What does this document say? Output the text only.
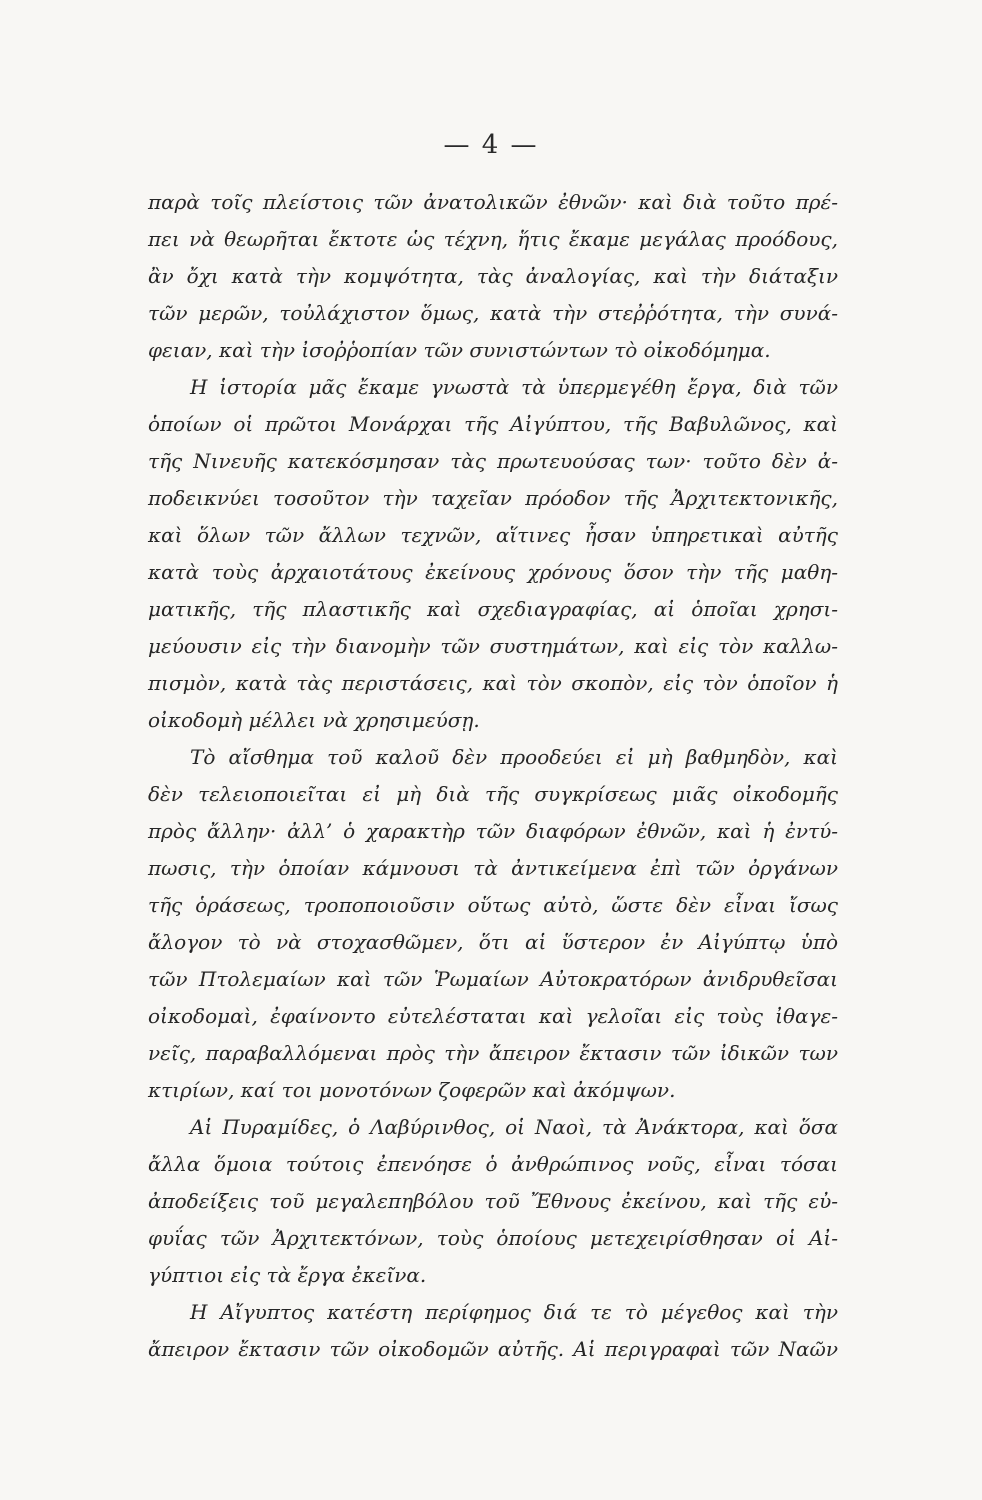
— 4 —
παρὰ τοῖς πλείστοις τῶν ἀνατολικῶν ἐθνῶν· καὶ διὰ τοῦτο πρέ-
πει νὰ θεωρῆται ἔκτοτε ὡς τέχνη, ἥτις ἔκαμε μεγάλας προόδους,
ἂν ὄχι κατὰ τὴν κομψότητα, τὰς ἀναλογίας, καὶ τὴν διάταξιν
τῶν μερῶν, τοὐλάχιστον ὅμως, κατὰ τὴν στεῤῥότητα, τὴν συνά-
φειαν, καὶ τὴν ἰσοῤῥοπίαν τῶν συνιστώντων τὸ οἰκοδόμημα.
Η ἱστορία μᾶς ἔκαμε γνωστὰ τὰ ὑπερμεγέθη ἔργα, διὰ τῶν
ὁποίων οἱ πρῶτοι Μονάρχαι τῆς Αἰγύπτου, τῆς Βαβυλῶνος, καὶ
τῆς Νινευῆς κατεκόσμησαν τὰς πρωτευούσας των· τοῦτο δὲν ἀ-
ποδεικνύει τοσοῦτον τὴν ταχεῖαν πρόοδον τῆς Ἀρχιτεκτονικῆς,
καὶ ὅλων τῶν ἄλλων τεχνῶν, αἵτινες ἦσαν ὑπηρετικαὶ αὐτῆς
κατὰ τοὺς ἀρχαιοτάτους ἐκείνους χρόνους ὅσον τὴν τῆς μαθη-
ματικῆς, τῆς πλαστικῆς καὶ σχεδιαγραφίας, αἱ ὁποῖαι χρησι-
μεύουσιν εἰς τὴν διανομὴν τῶν συστημάτων, καὶ εἰς τὸν καλλω-
πισμὸν, κατὰ τὰς περιστάσεις, καὶ τὸν σκοπὸν, εἰς τὸν ὁποῖον ἡ
οἰκοδομὴ μέλλει νὰ χρησιμεύσῃ.
Τὸ αἴσθημα τοῦ καλοῦ δὲν προοδεύει εἰ μὴ βαθμηδὸν, καὶ
δὲν τελειοποιεῖται εἰ μὴ διὰ τῆς συγκρίσεως μιᾶς οἰκοδομῆς
πρὸς ἄλλην· ἀλλ’ ὁ χαρακτὴρ τῶν διαφόρων ἐθνῶν, καὶ ἡ ἐντύ-
πωσις, τὴν ὁποίαν κάμνουσι τὰ ἀντικείμενα ἐπὶ τῶν ὀργάνων
τῆς ὁράσεως, τροποποιοῦσιν οὕτως αὐτὸ, ὥστε δὲν εἶναι ἴσως
ἄλογον τὸ νὰ στοχασθῶμεν, ὅτι αἱ ὕστερον ἐν Αἰγύπτῳ ὑπὸ
τῶν Πτολεμαίων καὶ τῶν Ῥωμαίων Αὐτοκρατόρων ἀνιδρυθεῖσαι
οἰκοδομαὶ, ἐφαίνοντο εὐτελέσταται καὶ γελοῖαι εἰς τοὺς ἰθαγε-
νεῖς, παραβαλλόμεναι πρὸς τὴν ἄπειρον ἔκτασιν τῶν ἰδικῶν των
κτιρίων, καί τοι μονοτόνων ζοφερῶν καὶ ἀκόμψων.
Αἱ Πυραμίδες, ὁ Λαβύρινθος, οἱ Ναοὶ, τὰ Ἀνάκτορα, καὶ ὅσα
ἄλλα ὅμοια τούτοις ἐπενόησε ὁ ἀνθρώπινος νοῦς, εἶναι τόσαι
ἀποδείξεις τοῦ μεγαλεπηβόλου τοῦ Ἔθνους ἐκείνου, καὶ τῆς εὐ-
φυΐας τῶν Ἀρχιτεκτόνων, τοὺς ὁποίους μετεχειρίσθησαν οἱ Αἰ-
γύπτιοι εἰς τὰ ἔργα ἐκεῖνα.
Η Αἴγυπτος κατέστη περίφημος διά τε τὸ μέγεθος καὶ τὴν
ἄπειρον ἔκτασιν τῶν οἰκοδομῶν αὐτῆς. Αἱ περιγραφαὶ τῶν Ναῶν
